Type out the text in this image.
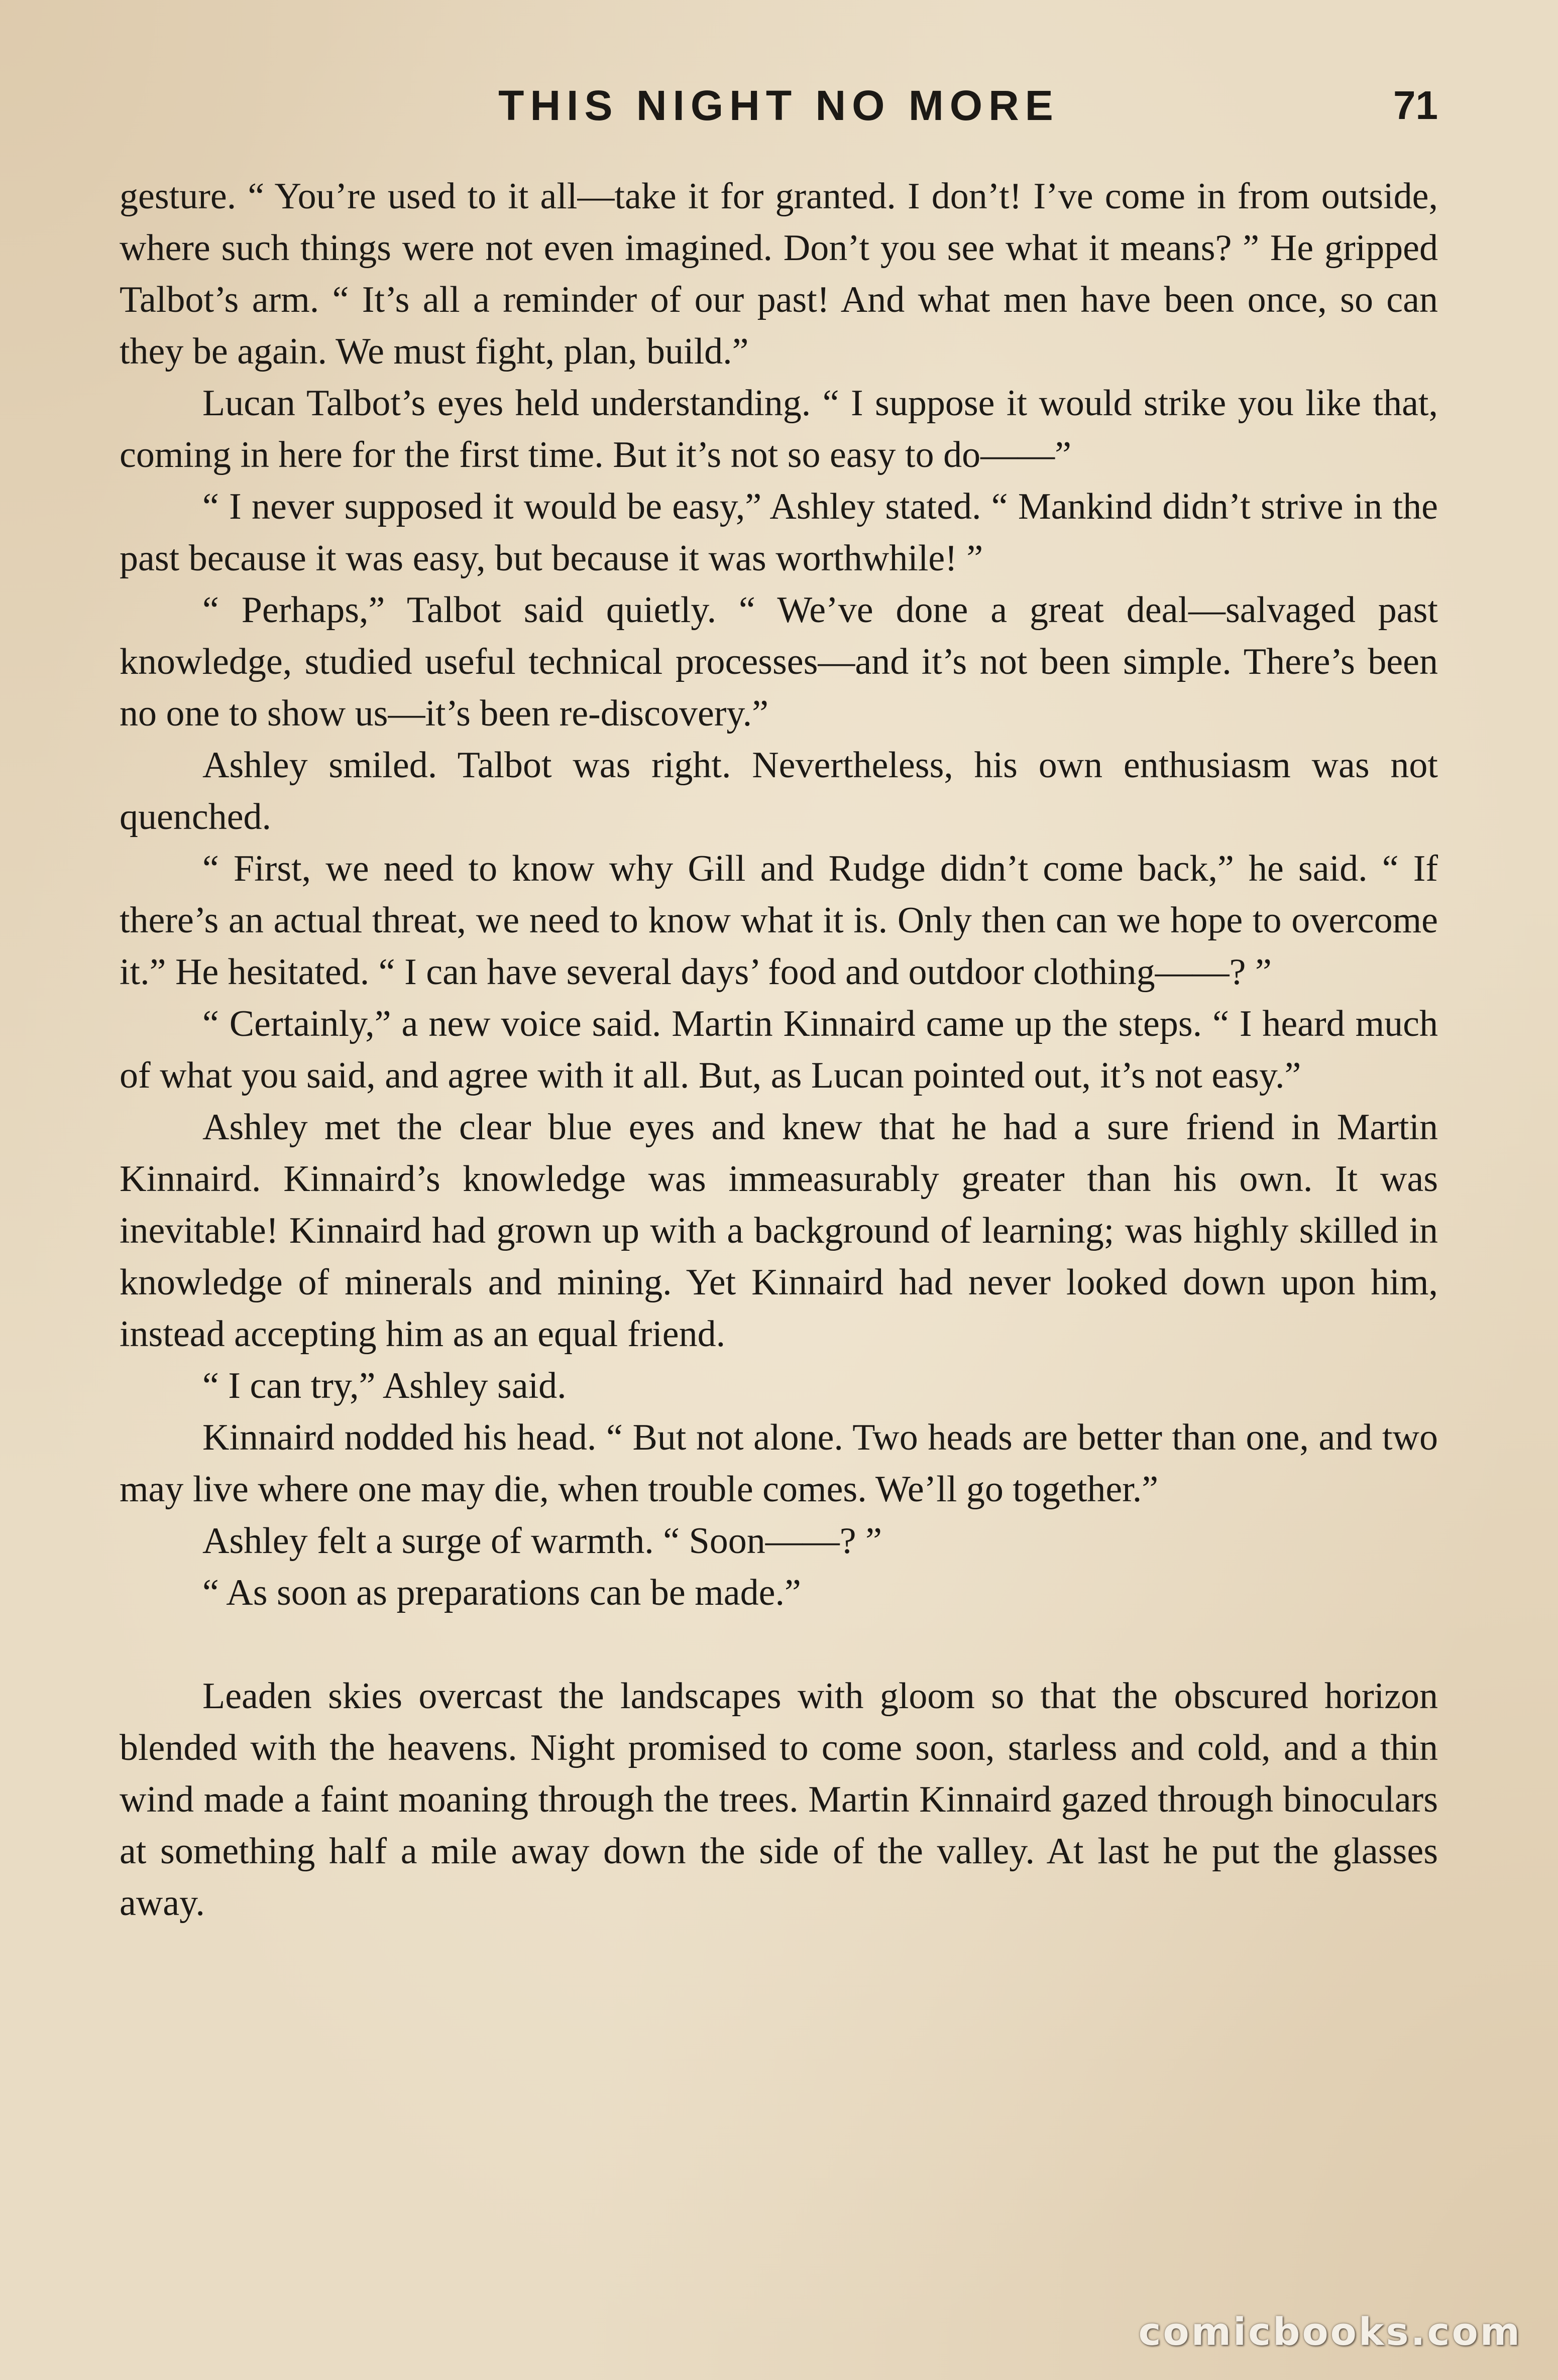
THIS NIGHT NO MORE	71

gesture. “ You’re used to it all—take it for granted. I don’t! I’ve come in from outside, where such things were not even imagined. Don’t you see what it means? ” He gripped Talbot’s arm. “ It’s all a reminder of our past! And what men have been once, so can they be again. We must fight, plan, build.”

Lucan Talbot’s eyes held understanding. “ I suppose it would strike you like that, coming in here for the first time. But it’s not so easy to do——”

“ I never supposed it would be easy,” Ashley stated. “ Mankind didn’t strive in the past because it was easy, but because it was worthwhile! ”

“ Perhaps,” Talbot said quietly. “ We’ve done a great deal—salvaged past knowledge, studied useful technical processes—and it’s not been simple. There’s been no one to show us—it’s been re-discovery.”

Ashley smiled. Talbot was right. Nevertheless, his own enthusiasm was not quenched.

“ First, we need to know why Gill and Rudge didn’t come back,” he said. “ If there’s an actual threat, we need to know what it is. Only then can we hope to overcome it.” He hesitated. “ I can have several days’ food and outdoor clothing——? ”

“ Certainly,” a new voice said. Martin Kinnaird came up the steps. “ I heard much of what you said, and agree with it all. But, as Lucan pointed out, it’s not easy.”

Ashley met the clear blue eyes and knew that he had a sure friend in Martin Kinnaird. Kinnaird’s knowledge was immeasurably greater than his own. It was inevitable! Kinnaird had grown up with a background of learning; was highly skilled in knowledge of minerals and mining. Yet Kinnaird had never looked down upon him, instead accepting him as an equal friend.

“ I can try,” Ashley said.

Kinnaird nodded his head. “ But not alone. Two heads are better than one, and two may live where one may die, when trouble comes. We’ll go together.”

Ashley felt a surge of warmth. “ Soon——? ”

“ As soon as preparations can be made.”

Leaden skies overcast the landscapes with gloom so that the obscured horizon blended with the heavens. Night promised to come soon, starless and cold, and a thin wind made a faint moaning through the trees. Martin Kinnaird gazed through binoculars at something half a mile away down the side of the valley. At last he put the glasses away.

comicbooks.com
